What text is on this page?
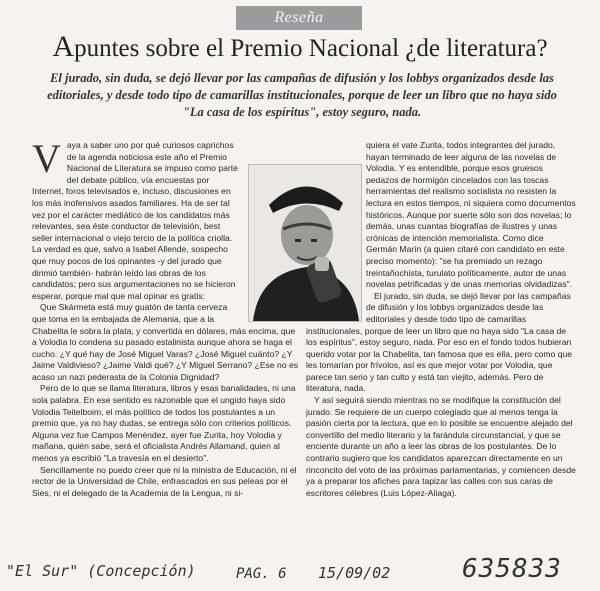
Reseña
Apuntes sobre el Premio Nacional ¿de literatura?
El jurado, sin duda, se dejó llevar por las campañas de difusión y los lobbys organizados desde las editoriales, y desde todo tipo de camarillas institucionales, porque de leer un libro que no haya sido "La casa de los espíritus", estoy seguro, nada.
V aya a saber uno por qué curiosos caprichos de la agenda noticiosa este año el Premio Nacional de Literatura se impuso como parte del debate público, vía encuestas por Internet, foros televisados e, incluso, discusiones en los más inofensivos asados familiares. Ha de ser tal vez por el carácter mediático de los candidatos más relevantes, sea éste conductor de televisión, best seller internacional o viejo tercio de la política criolla. La verdad es que, salvo a Isabel Allende, sospecho que muy pocos de los opinantes -y del jurado que dirimió también- habrán leído las obras de los candidatos; pero sus argumentaciones no se hicieron esperar, porque mal que mal opinar es gratis:

Que Skármeta está muy guatón de tanta cerveza que toma en la embajada de Alemania, que a la Chabelita le sobra la plata, y convertida en dólares, más encima, que a Volodia lo condena su pasado estalinista aunque ahora se haga el cucho. ¿Y qué hay de José Miguel Varas? ¿José Miguel cuánto? ¿Y Jaime Valdivieso? ¿Jaime Valdi qué? ¿Y Miguel Serrano? ¿Ese no es acaso un nazi pederasta de la Colonia Dignidad?

Pero de lo que se llama literatura, libros y esas banalidades, ni una sola palabra. En ese sentido es razonable que el ungido haya sido Volodia Teitelboim, el más político de todos los postulantes a un premio que, ya no hay dudas, se entrega sólo con criterios políticos. Alguna vez fue Campos Menéndez, ayer fue Zurita, hoy Volodia y mañana, quién sabe, será el oficialista Andrés Allamand, quien al menos ya escribió "La travesía en el desierto".

Sencillamente no puedo creer que ni la ministra de Educación, ni el rector de la Universidad de Chile, enfrascados en sus peleas por el Sies, ni el delegado de la Academia de la Lengua, ni si-

quiera el vate Zurita, todos integrantes del jurado, hayan terminado de leer alguna de las novelas de Volodia. Y es entendible, porque esos gruesos pedazos de hormigón cincelados con las toscas herramientas del realismo socialista no resisten la lectura en estos tiempos, ni siquiera como documentos históricos. Aunque por suerte sólo son dos novelas; lo demás, unas cuantas biografías de ilustres y unas crónicas de intención memorialista. Como dice Germán Marín (a quien citaré con candidato en este preciso momento): "se ha premiado un rezago treintañochista, turulato políticamente, autor de unas novelas petrificadas y de unas memorias olvidadizas".

El jurado, sin duda, se dejó llevar por las campañas de difusión y los lobbys organizados desde las editoriales y desde todo tipo de camarillas institucionales, porque de leer un libro que no haya sido "La casa de los espíritus", estoy seguro, nada. Por eso en el fondo todos hubieran querido votar por la Chabelita, tan famosa que es ella, pero como que les tomarían por frívolos, así es que mejor votar por Volodia, que parece tan serio y tan culto y está tan viejito, además. Pero de literatura, nada.

Y así seguirá siendo mientras no se modifique la constitución del jurado. Se requiere de un cuerpo colegiado que al menos tenga la pasión cierta por la lectura, que en lo posible se encuentre alejado del convertillo del medio literario y la farándula circunstancial, y que se enciente durante un año a leer las obras de los postulantes. De lo contrario sugiero que los candidatos aparezcan directamente en un rinconcito del voto de las próximas parlamentarias, y comiencen desde ya a preparar los afiches para tapizar las calles con sus caras de escritores célebres (Luis López-Aliaga).

"El Sur" (Concepción)	PAG. 6 15/09/02	635833
